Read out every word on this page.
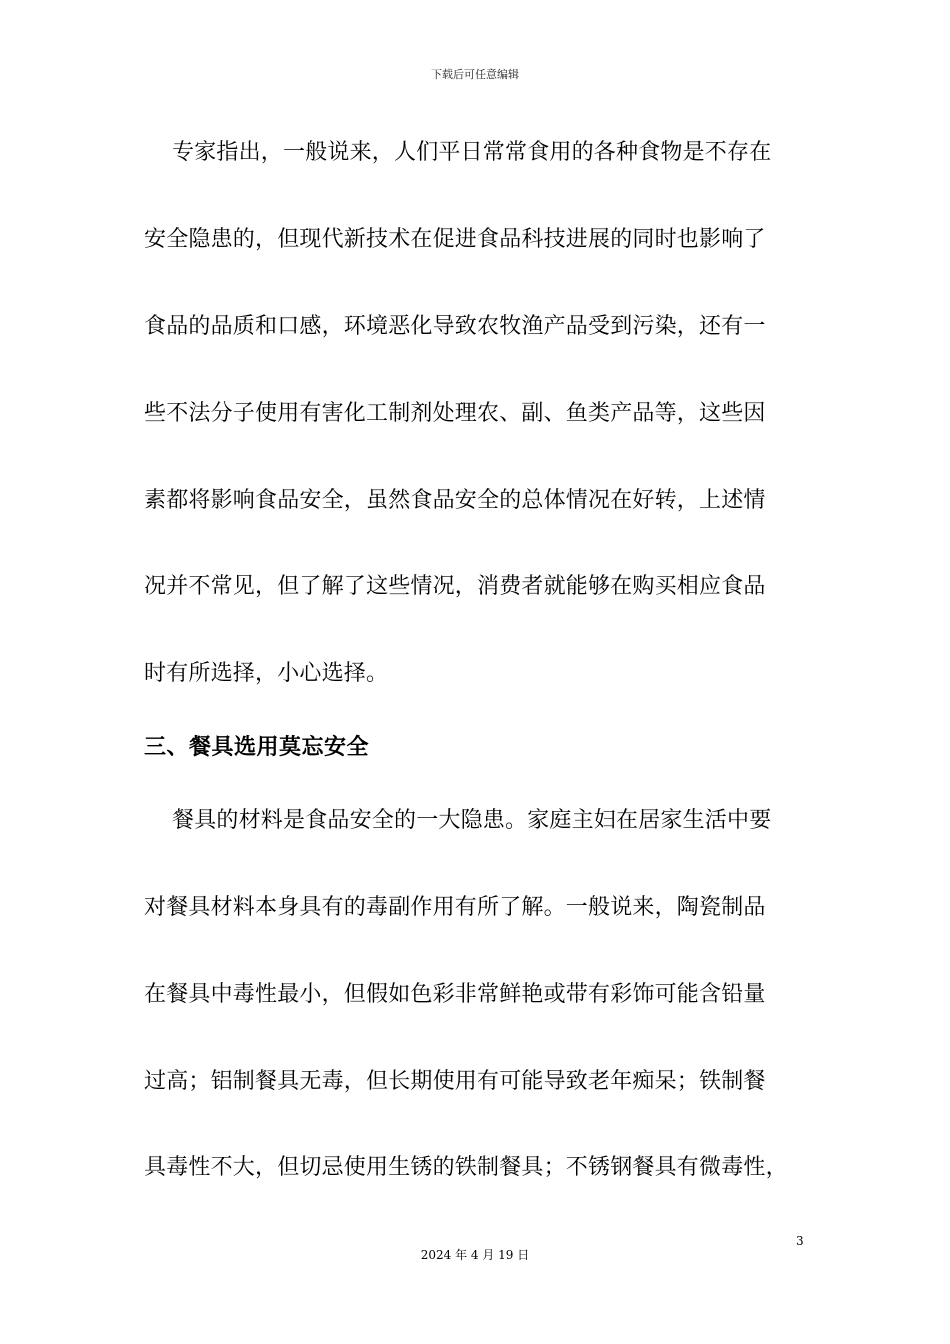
下载后可任意编辑
专家指出，一般说来，人们平日常常食用的各种食物是不存在
安全隐患的，但现代新技术在促进食品科技进展的同时也影响了
食品的品质和口感，环境恶化导致农牧渔产品受到污染，还有一
些不法分子使用有害化工制剂处理农、副、鱼类产品等，这些因
素都将影响食品安全，虽然食品安全的总体情况在好转，上述情
况并不常见，但了解了这些情况，消费者就能够在购买相应食品
时有所选择，小心选择。
三、餐具选用莫忘安全
餐具的材料是食品安全的一大隐患。家庭主妇在居家生活中要
对餐具材料本身具有的毒副作用有所了解。一般说来，陶瓷制品
在餐具中毒性最小，但假如色彩非常鲜艳或带有彩饰可能含铅量
过高；铝制餐具无毒，但长期使用有可能导致老年痴呆；铁制餐
具毒性不大，但切忌使用生锈的铁制餐具；不锈钢餐具有微毒性，
3
2024 年 4 月 19 日
